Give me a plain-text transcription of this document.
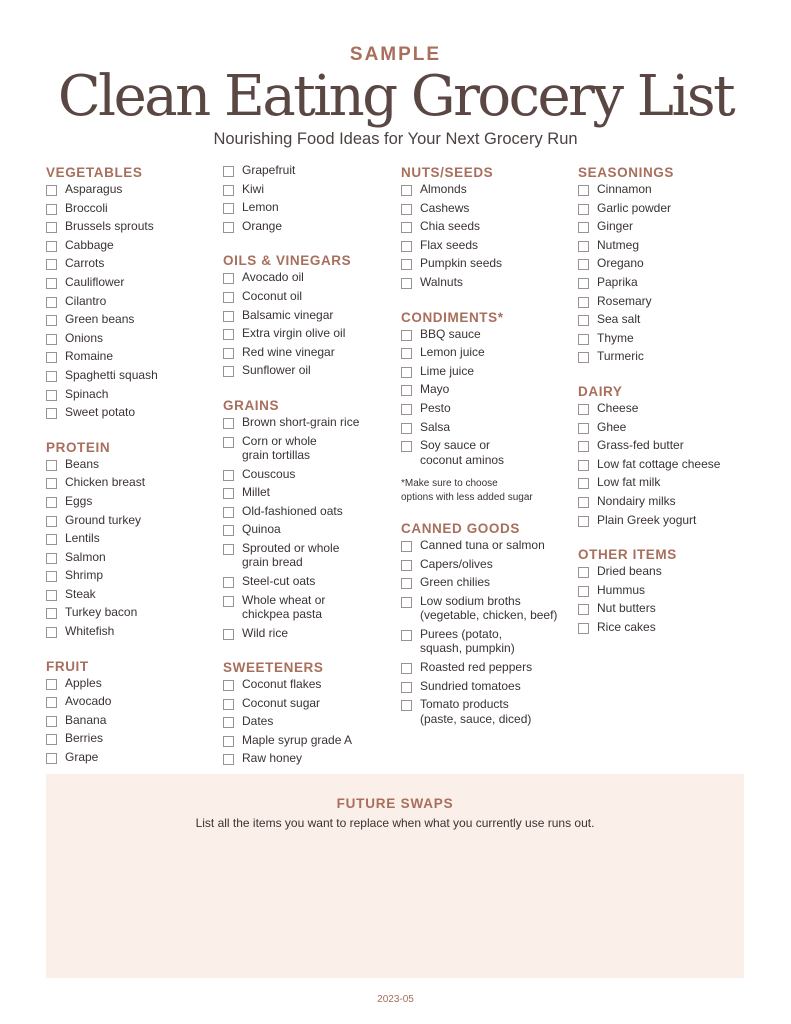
SAMPLE
Clean Eating Grocery List
Nourishing Food Ideas for Your Next Grocery Run
VEGETABLES
Asparagus
Broccoli
Brussels sprouts
Cabbage
Carrots
Cauliflower
Cilantro
Green beans
Onions
Romaine
Spaghetti squash
Spinach
Sweet potato
PROTEIN
Beans
Chicken breast
Eggs
Ground turkey
Lentils
Salmon
Shrimp
Steak
Turkey bacon
Whitefish
FRUIT
Apples
Avocado
Banana
Berries
Grape
Grapefruit
Kiwi
Lemon
Orange
OILS & VINEGARS
Avocado oil
Coconut oil
Balsamic vinegar
Extra virgin olive oil
Red wine vinegar
Sunflower oil
GRAINS
Brown short-grain rice
Corn or whole
grain tortillas
Couscous
Millet
Old-fashioned oats
Quinoa
Sprouted or whole
grain bread
Steel-cut oats
Whole wheat or
chickpea pasta
Wild rice
SWEETENERS
Coconut flakes
Coconut sugar
Dates
Maple syrup grade A
Raw honey
NUTS/SEEDS
Almonds
Cashews
Chia seeds
Flax seeds
Pumpkin seeds
Walnuts
CONDIMENTS*
BBQ sauce
Lemon juice
Lime juice
Mayo
Pesto
Salsa
Soy sauce or
coconut aminos
*Make sure to choose
options with less added sugar
CANNED GOODS
Canned tuna or salmon
Capers/olives
Green chilies
Low sodium broths
(vegetable, chicken, beef)
Purees (potato,
squash, pumpkin)
Roasted red peppers
Sundried tomatoes
Tomato products
(paste, sauce, diced)
SEASONINGS
Cinnamon
Garlic powder
Ginger
Nutmeg
Oregano
Paprika
Rosemary
Sea salt
Thyme
Turmeric
DAIRY
Cheese
Ghee
Grass-fed butter
Low fat cottage cheese
Low fat milk
Nondairy milks
Plain Greek yogurt
OTHER ITEMS
Dried beans
Hummus
Nut butters
Rice cakes
FUTURE SWAPS
List all the items you want to replace when what you currently use runs out.
2023-05
